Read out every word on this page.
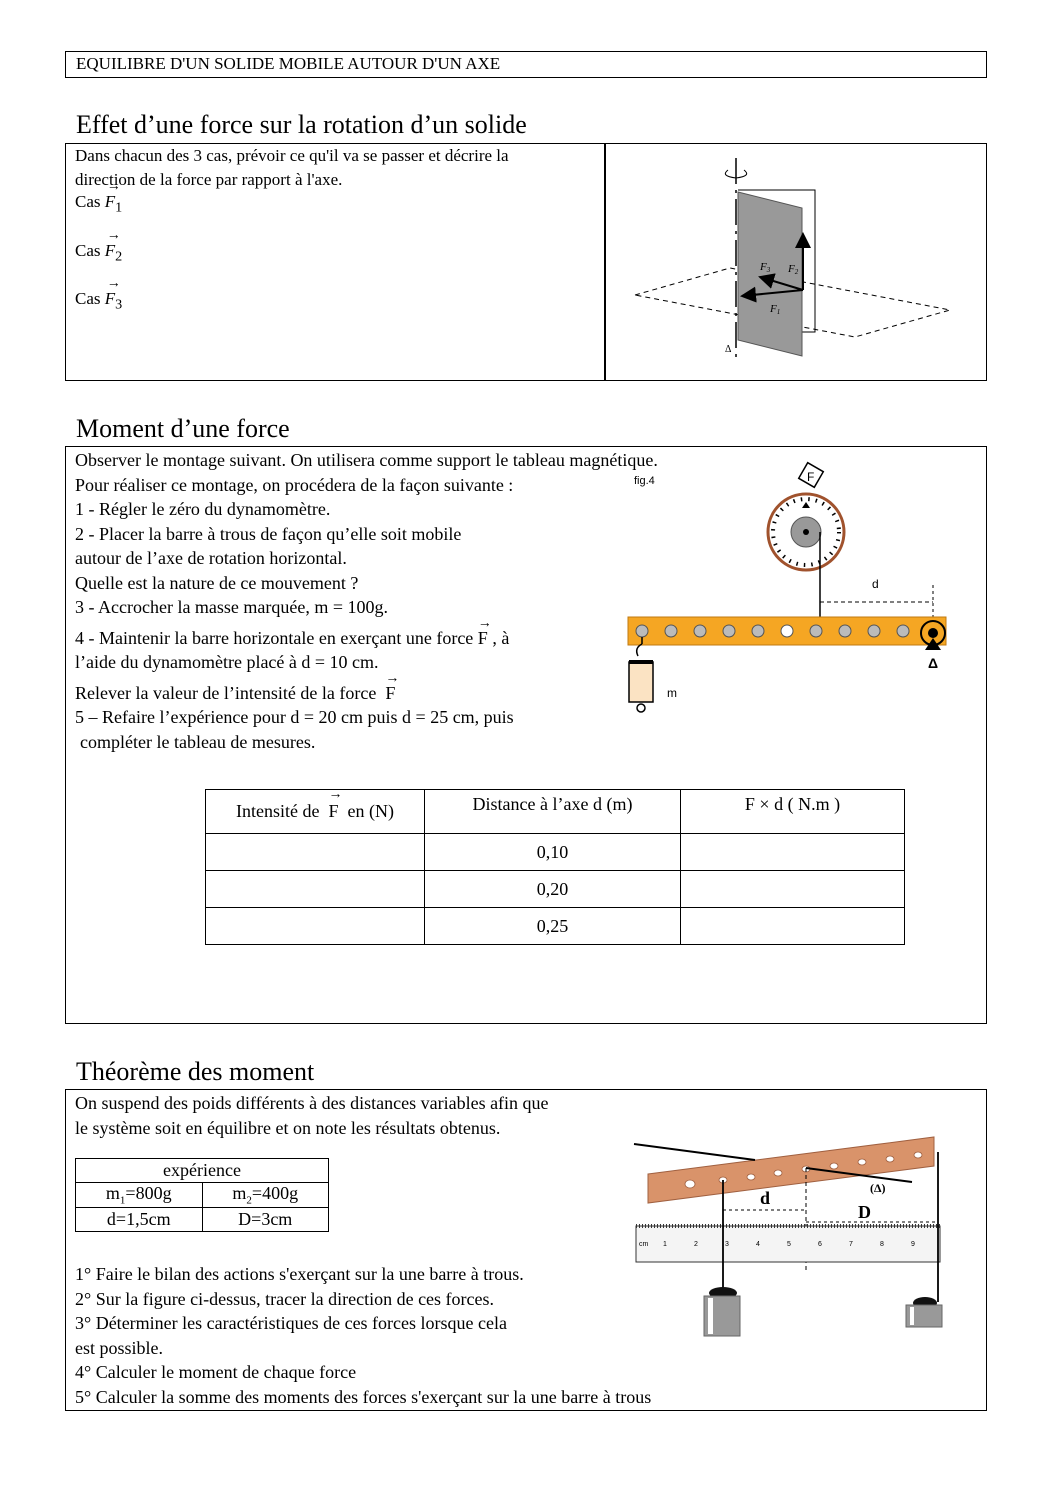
EQUILIBRE D'UN SOLIDE MOBILE AUTOUR D'UN AXE
Effet d’une force sur la rotation d’un solide
Dans chacun des 3 cas, prévoir ce qu'il va se passer et décrire la
direction de la force par rapport à l'axe.
Cas → $F_1$
Cas → $F_2$
Cas → $F_3$
F3 F2
F1
Δ
Moment d’une force
Observer le montage suivant. On utilisera comme support le tableau magnétique.
Pour réaliser ce montage, on procédera de la façon suivante :
1 - Régler le zéro du dynamomètre.
2 - Placer la barre à trous de façon qu’elle soit mobile
autour de l’axe de rotation horizontal.
Quelle est la nature de ce mouvement ?
3 - Accrocher la masse marquée, m = 100g.
4 - Maintenir la barre horizontale en exerçant une force → F , à
l’aide du dynamomètre placé à d = 10 cm.
Relever la valeur de l’intensité de la force → F
5 – Refaire l’expérience pour d = 20 cm puis d = 25 cm, puis
compléter le tableau de mesures.
fig.4	F
d
Δ
m
Intensité de → F en (N)	Distance à l’axe d (m)	F × d ( N.m )
	0,10	
	0,20	
	0,25	
Théorème des moment
On suspend des poids différents à des distances variables afin que
le système soit en équilibre et on note les résultats obtenus.
expérience	
$m_1=800g$	$m_2=400g$
d=1,5cm	D=3cm
1° Faire le bilan des actions s'exerçant sur la une barre à trous.
2° Sur la figure ci-dessus, tracer la direction de ces forces.
3° Déterminer les caractéristiques de ces forces lorsque cela
est possible.
4° Calculer le moment de chaque force
5° Calculer la somme des moments des forces s'exerçant sur la une barre à trous
d
D
(Δ)
cm 1	2	3	4	5	6	7	8	9
